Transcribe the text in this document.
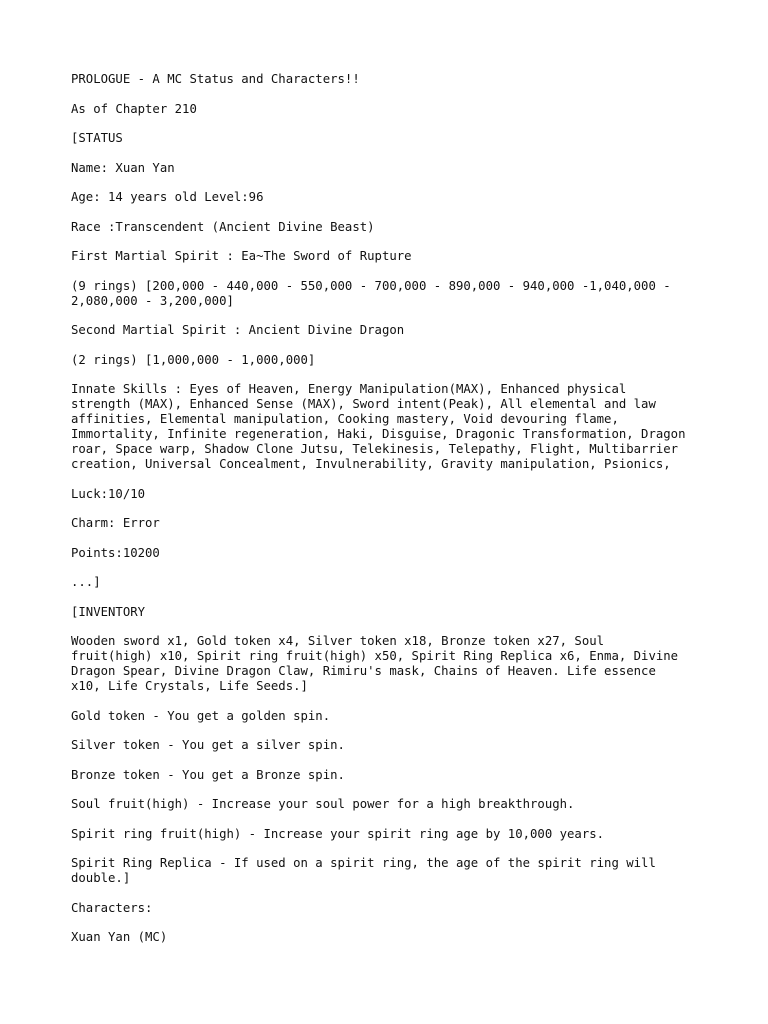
PROLOGUE - A MC Status and Characters!!

As of Chapter 210

[STATUS

Name: Xuan Yan

Age: 14 years old Level:96

Race :Transcendent (Ancient Divine Beast)

First Martial Spirit : Ea~The Sword of Rupture

(9 rings) [200,000 - 440,000 - 550,000 - 700,000 - 890,000 - 940,000 -1,040,000 -
2,080,000 - 3,200,000]

Second Martial Spirit : Ancient Divine Dragon

(2 rings) [1,000,000 - 1,000,000]

Innate Skills : Eyes of Heaven, Energy Manipulation(MAX), Enhanced physical
strength (MAX), Enhanced Sense (MAX), Sword intent(Peak), All elemental and law
affinities, Elemental manipulation, Cooking mastery, Void devouring flame,
Immortality, Infinite regeneration, Haki, Disguise, Dragonic Transformation, Dragon
roar, Space warp, Shadow Clone Jutsu, Telekinesis, Telepathy, Flight, Multibarrier
creation, Universal Concealment, Invulnerability, Gravity manipulation, Psionics,

Luck:10/10

Charm: Error

Points:10200

...]

[INVENTORY

Wooden sword x1, Gold token x4, Silver token x18, Bronze token x27, Soul
fruit(high) x10, Spirit ring fruit(high) x50, Spirit Ring Replica x6, Enma, Divine
Dragon Spear, Divine Dragon Claw, Rimiru's mask, Chains of Heaven. Life essence
x10, Life Crystals, Life Seeds.]

Gold token - You get a golden spin.

Silver token - You get a silver spin.

Bronze token - You get a Bronze spin.

Soul fruit(high) - Increase your soul power for a high breakthrough.

Spirit ring fruit(high) - Increase your spirit ring age by 10,000 years.

Spirit Ring Replica - If used on a spirit ring, the age of the spirit ring will
double.]

Characters:

Xuan Yan (MC)
